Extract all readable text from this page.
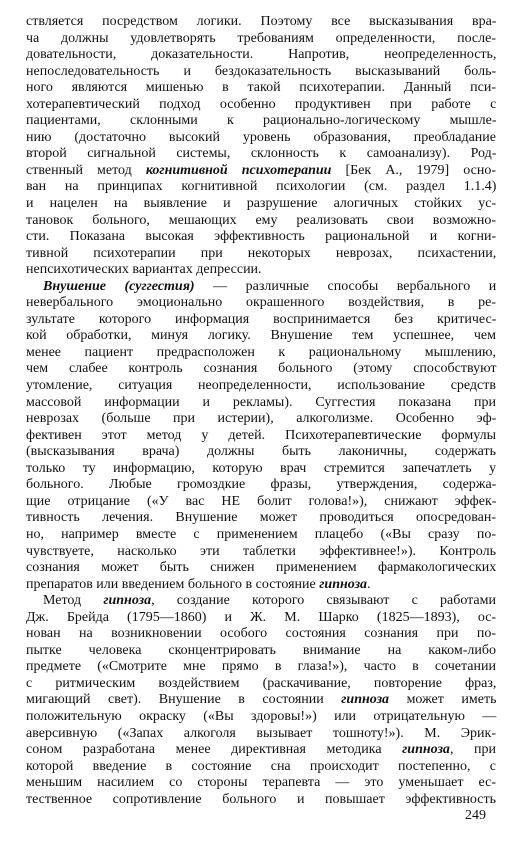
ствляется посредством логики. Поэтому все высказывания вра-
ча должны удовлетворять требованиям определенности, после-
довательности, доказательности. Напротив, неопределенность,
непоследовательность и бездоказательность высказываний боль-
ного являются мишенью в такой психотерапии. Данный пси-
хотерапевтический подход особенно продуктивен при работе с
пациентами, склонными к рационально-логическому мышле-
нию (достаточно высокий уровень образования, преобладание
второй сигнальной системы, склонность к самоанализу). Род-
ственный метод когнитивной психотерапии [Бек А., 1979] осно-
ван на принципах когнитивной психологии (см. раздел 1.1.4)
и нацелен на выявление и разрушение алогичных стойких ус-
тановок больного, мешающих ему реализовать свои возможно-
сти. Показана высокая эффективность рациональной и когни-
тивной психотерапии при некоторых неврозах, психастении,
непсихотических вариантах депрессии.
Внушение (суггестия) — различные способы вербального и
невербального эмоционально окрашенного воздействия, в ре-
зультате которого информация воспринимается без критичес-
кой обработки, минуя логику. Внушение тем успешнее, чем
менее пациент предрасположен к рациональному мышлению,
чем слабее контроль сознания больного (этому способствуют
утомление, ситуация неопределенности, использование средств
массовой информации и рекламы). Суггестия показана при
неврозах (больше при истерии), алкоголизме. Особенно эф-
фективен этот метод у детей. Психотерапевтические формулы
(высказывания врача) должны быть лаконичны, содержать
только ту информацию, которую врач стремится запечатлеть у
больного. Любые громоздкие фразы, утверждения, содержа-
щие отрицание («У вас НЕ болит голова!»), снижают эффек-
тивность лечения. Внушение может проводиться опосредован-
но, например вместе с применением плацебо («Вы сразу по-
чувствуете, насколько эти таблетки эффективнее!»). Контроль
сознания может быть снижен применением фармакологических
препаратов или введением больного в состояние гипноза.
Метод гипноза, создание которого связывают с работами
Дж. Брейда (1795—1860) и Ж. М. Шарко (1825—1893), ос-
нован на возникновении особого состояния сознания при по-
пытке человека сконцентрировать внимание на каком-либо
предмете («Смотрите мне прямо в глаза!»), часто в сочетании
с ритмическим воздействием (раскачивание, повторение фраз,
мигающий свет). Внушение в состоянии гипноза может иметь
положительную окраску («Вы здоровы!») или отрицательную —
аверсивную («Запах алкоголя вызывает тошноту!»). М. Эрик-
соном разработана менее директивная методика гипноза, при
которой введение в состояние сна происходит постепенно, с
меньшим насилием со стороны терапевта — это уменьшает ес-
тественное сопротивление больного и повышает эффективность
249
